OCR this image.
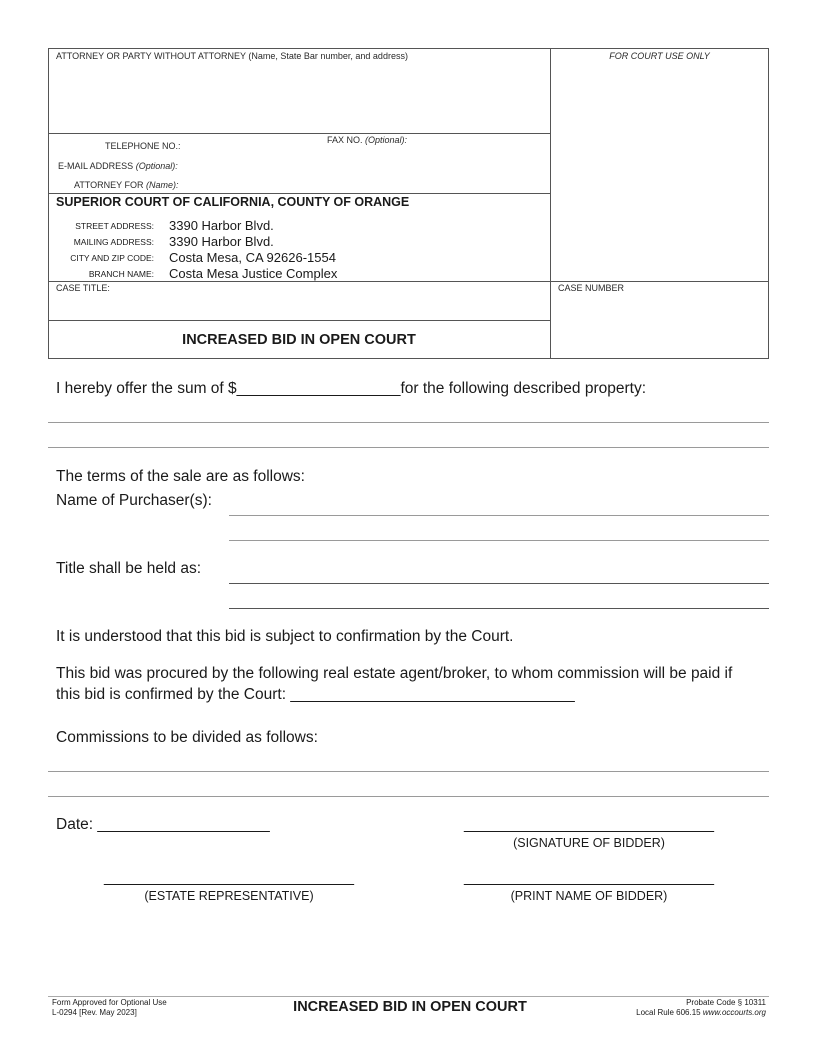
ATTORNEY OR PARTY WITHOUT ATTORNEY (Name, State Bar number, and address)	FOR COURT USE ONLY
TELEPHONE NO.:
FAX NO. (Optional):
E-MAIL ADDRESS (Optional):
ATTORNEY FOR (Name):
SUPERIOR COURT OF CALIFORNIA, COUNTY OF ORANGE
STREET ADDRESS: 3390 Harbor Blvd.
MAILING ADDRESS: 3390 Harbor Blvd.
CITY AND ZIP CODE: Costa Mesa, CA 92626-1554
BRANCH NAME: Costa Mesa Justice Complex
CASE TITLE:	CASE NUMBER
INCREASED BID IN OPEN COURT
I hereby offer the sum of $___________________for the following described property:
The terms of the sale are as follows:
Name of Purchaser(s):
Title shall be held as:
It is understood that this bid is subject to confirmation by the Court.
This bid was procured by the following real estate agent/broker, to whom commission will be paid if
this bid is confirmed by the Court: _________________________________
Commissions to be divided as follows:
Date: ____________________	_____________________________
(SIGNATURE OF BIDDER)
_____________________________
(ESTATE REPRESENTATIVE)
_____________________________
(PRINT NAME OF BIDDER)
Form Approved for Optional Use
L-0294 [Rev. May 2023]	INCREASED BID IN OPEN COURT	Probate Code § 10311
Local Rule 606.15 www.occourts.org
